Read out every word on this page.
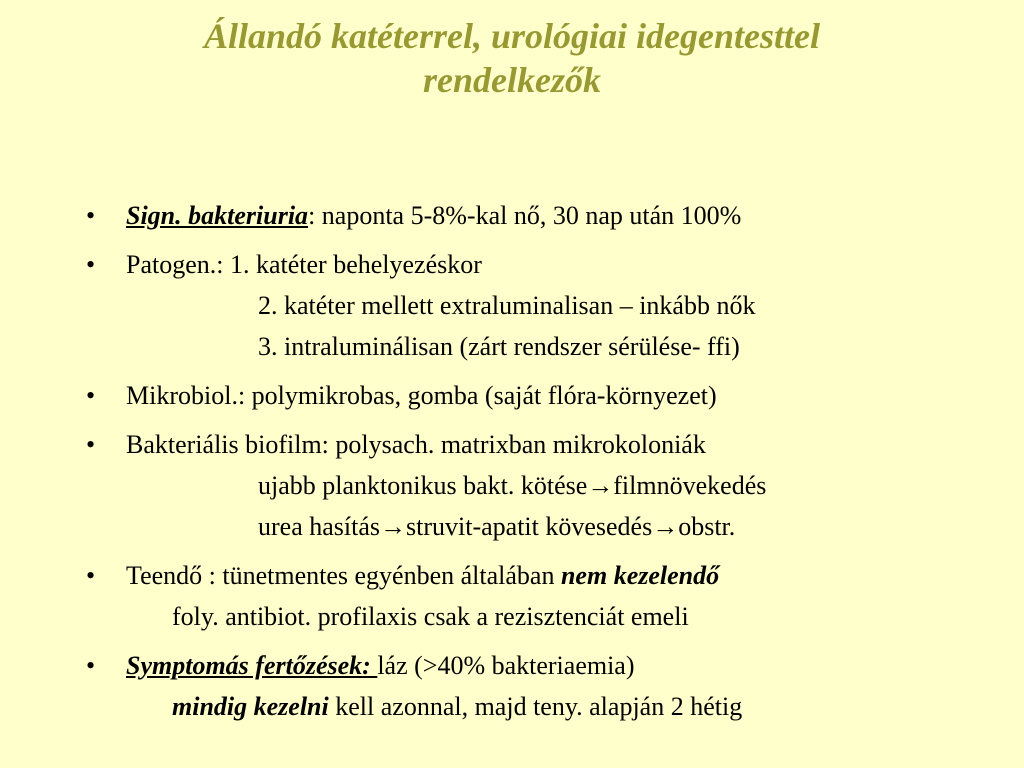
Állandó katéterrel, urológiai idegentesttel
rendelkezők
• Sign. bakteriuria: naponta 5-8%-kal nő, 30 nap után 100%
• Patogen.: 1. katéter behelyezéskor
2. katéter mellett extraluminalisan – inkább nők
3. intraluminálisan (zárt rendszer sérülése- ffi)
• Mikrobiol.: polymikrobas, gomba (saját flóra-környezet)
• Bakteriális biofilm: polysach. matrixban mikrokoloniák
ujabb planktonikus bakt. kötése→filmnövekedés
urea hasítás→struvit-apatit kövesedés→obstr.
• Teendő : tünetmentes egyénben általában nem kezelendő
foly. antibiot. profilaxis csak a rezisztenciát emeli
• Symptomás fertőzések: láz (>40% bakteriaemia)
mindig kezelni kell azonnal, majd teny. alapján 2 hétig
